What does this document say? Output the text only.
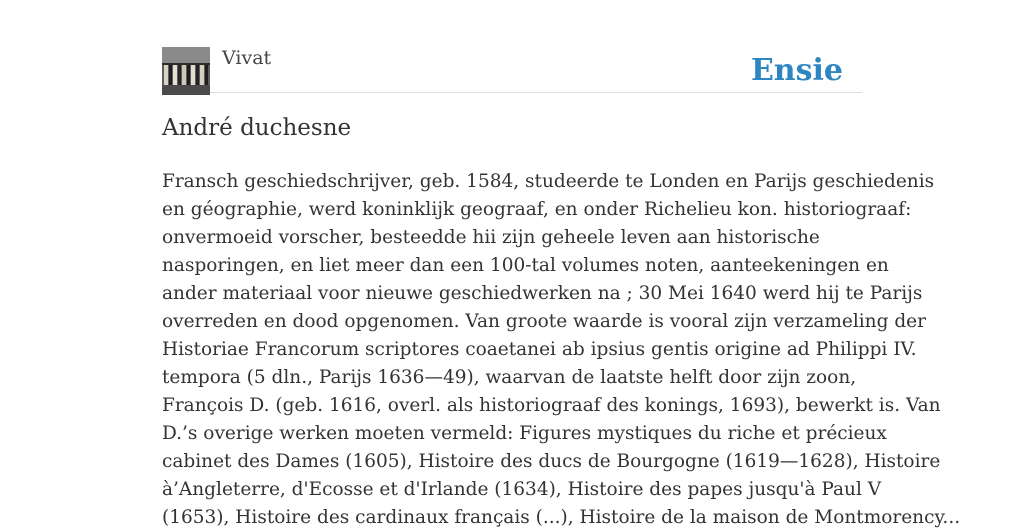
Vivat	Ensie
André duchesne
Fransch geschiedschrijver, geb. 1584, studeerde te Londen en Parijs geschiedenis
en géographie, werd koninklijk geograaf, en onder Richelieu kon. historiograaf:
onvermoeid vorscher, besteedde hii zijn geheele leven aan historische
nasporingen, en liet meer dan een 100-tal volumes noten, aanteekeningen en
ander materiaal voor nieuwe geschiedwerken na ; 30 Mei 1640 werd hij te Parijs
overreden en dood opgenomen. Van groote waarde is vooral zijn verzameling der
Historiae Francorum scriptores coaetanei ab ipsius gentis origine ad Philippi IV.
tempora (5 dln., Parijs 1636—49), waarvan de laatste helft door zijn zoon,
François D. (geb. 1616, overl. als historiograaf des konings, 1693), bewerkt is. Van
D.’s overige werken moeten vermeld: Figures mystiques du riche et précieux
cabinet des Dames (1605), Histoire des ducs de Bourgogne (1619—1628), Histoire
à’Angleterre, d'Ecosse et d'Irlande (1634), Histoire des papes jusqu'à Paul V
(1653), Histoire des cardinaux français (...), Histoire de la maison de Montmorency...
